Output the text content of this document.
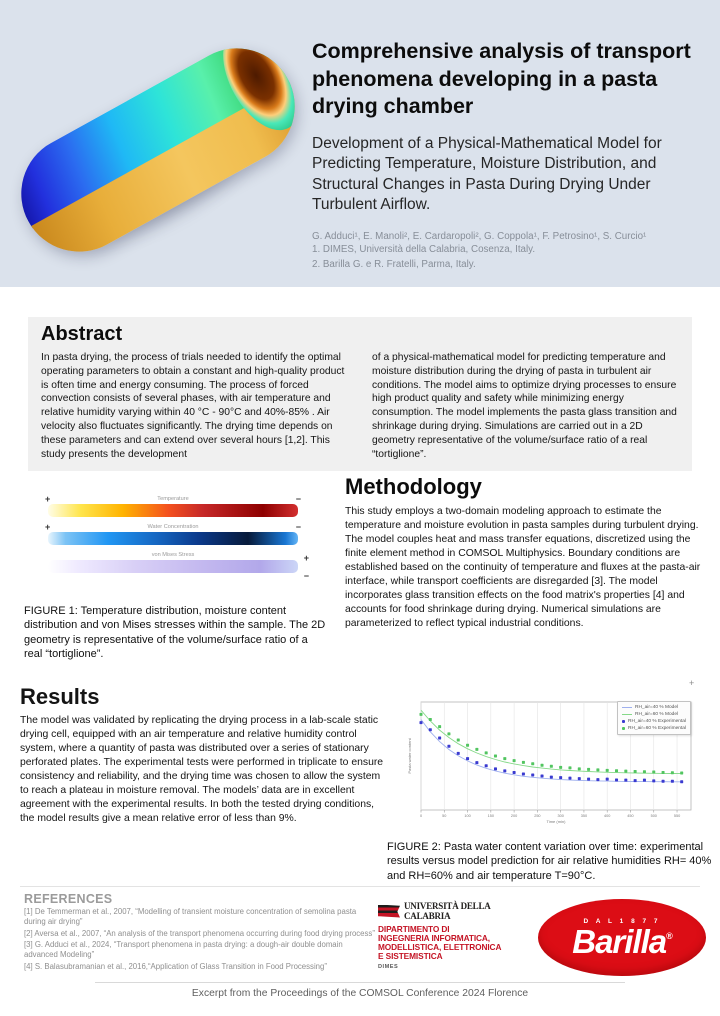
Comprehensive analysis of transport phenomena developing in a pasta drying chamber
Development of a Physical-Mathematical Model for Predicting Temperature, Moisture Distribution, and Structural Changes in Pasta During Drying Under Turbulent Airflow.
G. Adduci¹, E. Manoli², E. Cardaropoli², G. Coppola¹, F. Petrosino¹, S. Curcio¹
1. DIMES, Università della Calabria, Cosenza, Italy.
2. Barilla G. e R. Fratelli, Parma, Italy.
Abstract
In pasta drying, the process of trials needed to identify the optimal operating parameters to obtain a constant and high-quality product is often time and energy consuming. The process of forced convection consists of several phases, with air temperature and relative humidity varying within 40 °C - 90°C and 40%-85% . Air velocity also fluctuates significantly. The drying time depends on these parameters and can extend over several hours [1,2]. This study presents the development
of a physical-mathematical model for predicting temperature and moisture distribution during the drying of pasta in turbulent air conditions. The model aims to optimize drying processes to ensure high product quality and safety while minimizing energy consumption. The model implements the pasta glass transition and shrinkage during drying. Simulations are carried out in a 2D geometry representative of the volume/surface ratio of a real “tortiglione”.
Temperature
+	−
Water Concentration
+	−
von Mises Stress	+
−
FIGURE 1: Temperature distribution, moisture content distribution and von Mises stresses within the sample. The 2D geometry is representative of the volume/surface ratio of a real “tortiglione”.
Methodology
This study employs a two-domain modeling approach to estimate the temperature and moisture evolution in pasta samples during turbulent drying. The model couples heat and mass transfer equations, discretized using the finite element method in COMSOL Multiphysics. Boundary conditions are established based on the continuity of temperature and fluxes at the pasta-air interface, while transport coefficients are disregarded [3]. The model incorporates glass transition effects on the food matrix's properties [4] and accounts for food shrinkage during drying. Numerical simulations are parameterized to reflect typical industrial conditions.
Results
The model was validated by replicating the drying process in a lab-scale static drying cell, equipped with an air temperature and relative humidity control system, where a quantity of pasta was distributed over a series of stationary perforated plates. The experimental tests were performed in triplicate to ensure consistency and reliability, and the drying time was chosen to allow the system to reach a plateau in moisture removal. The models’ data are in excellent agreement with the experimental results. In both the tested drying conditions, the model results give a mean relative error of less than 9%.
+
0	50	100	150	200	250	300	350	400	450	500	550
Pasta water content
Time (min)
RH_air=40 % Model
RH_air=60 % Model
RH_air=40 % Experimental
RH_air=60 % Experimental
FIGURE 2: Pasta water content variation over time: experimental results versus model prediction for air relative humidities RH= 40% and RH=60% and air temperature T=90°C.
REFERENCES
[1] De Temmerman et al., 2007, “Modelling of transient moisture concentration of semolina pasta during air drying”
[2] Aversa et al., 2007, “An analysis of the transport phenomena occurring during food drying process”
[3] G. Adduci et al., 2024, “Transport phenomena in pasta drying: a dough-air double domain advanced Modeling”
[4] S. Balasubramanian et al., 2016,“Application of Glass Transition in Food Processing”
UNIVERSITÀ DELLA CALABRIA
DIPARTIMENTO DI
INGEGNERIA INFORMATICA,
MODELLISTICA, ELETTRONICA
E SISTEMISTICA
DIMES
D A L 1 8 7 7
Barilla®
Excerpt from the Proceedings of the COMSOL Conference 2024 Florence
